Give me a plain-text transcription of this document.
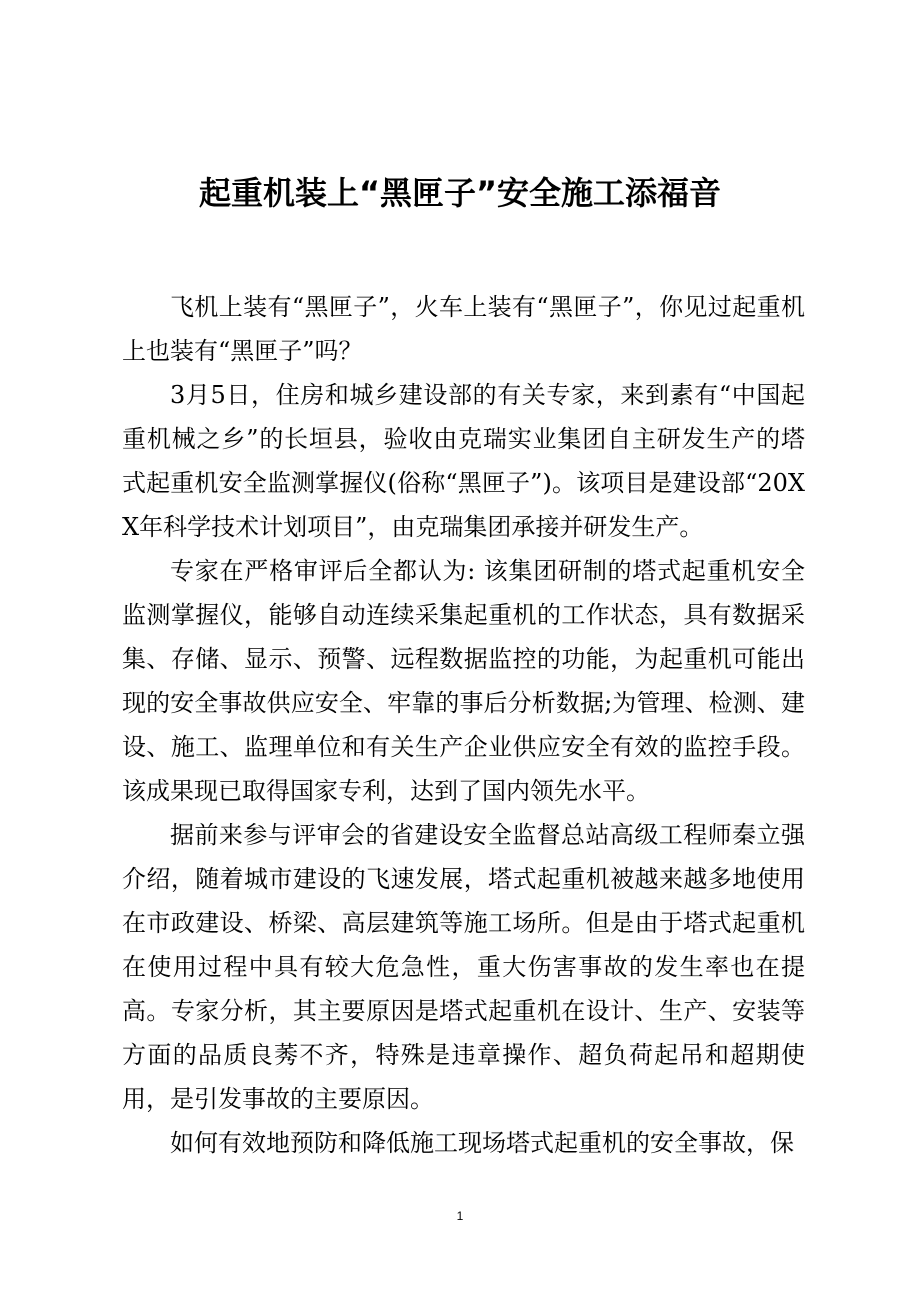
起重机装上“黑匣子”安全施工添福音

飞机上装有“黑匣子”，火车上装有“黑匣子”，你见过起重机上也装有“黑匣子”吗？

3月5日，住房和城乡建设部的有关专家，来到素有“中国起重机械之乡”的长垣县，验收由克瑞实业集团自主研发生产的塔式起重机安全监测掌握仪(俗称“黑匣子”)。该项目是建设部“20XX年科学技术计划项目”，由克瑞集团承接并研发生产。

专家在严格审评后全都认为: 该集团研制的塔式起重机安全监测掌握仪，能够自动连续采集起重机的工作状态，具有数据采集、存储、显示、预警、远程数据监控的功能，为起重机可能出现的安全事故供应安全、牢靠的事后分析数据;为管理、检测、建设、施工、监理单位和有关生产企业供应安全有效的监控手段。该成果现已取得国家专利，达到了国内领先水平。

据前来参与评审会的省建设安全监督总站高级工程师秦立强介绍，随着城市建设的飞速发展，塔式起重机被越来越多地使用在市政建设、桥梁、高层建筑等施工场所。但是由于塔式起重机在使用过程中具有较大危急性，重大伤害事故的发生率也在提高。专家分析，其主要原因是塔式起重机在设计、生产、安装等方面的品质良莠不齐，特殊是违章操作、超负荷起吊和超期使用，是引发事故的主要原因。

如何有效地预防和降低施工现场塔式起重机的安全事故，保

1
